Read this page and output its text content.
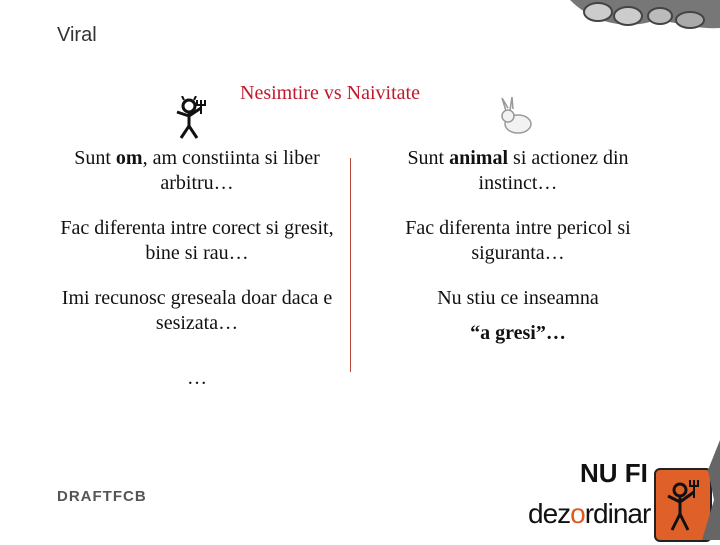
Viral
Nesimtire vs Naivitate
Sunt om, am constiinta si liber arbitru…
Fac diferenta intre corect si gresit, bine si rau…
Imi recunosc greseala doar daca e sesizata…
…
Sunt animal si actionez din instinct…
Fac diferenta intre pericol si siguranta…
Nu stiu ce inseamna
“a gresi”…
DRAFTFCB
NU FI
dezordinar
